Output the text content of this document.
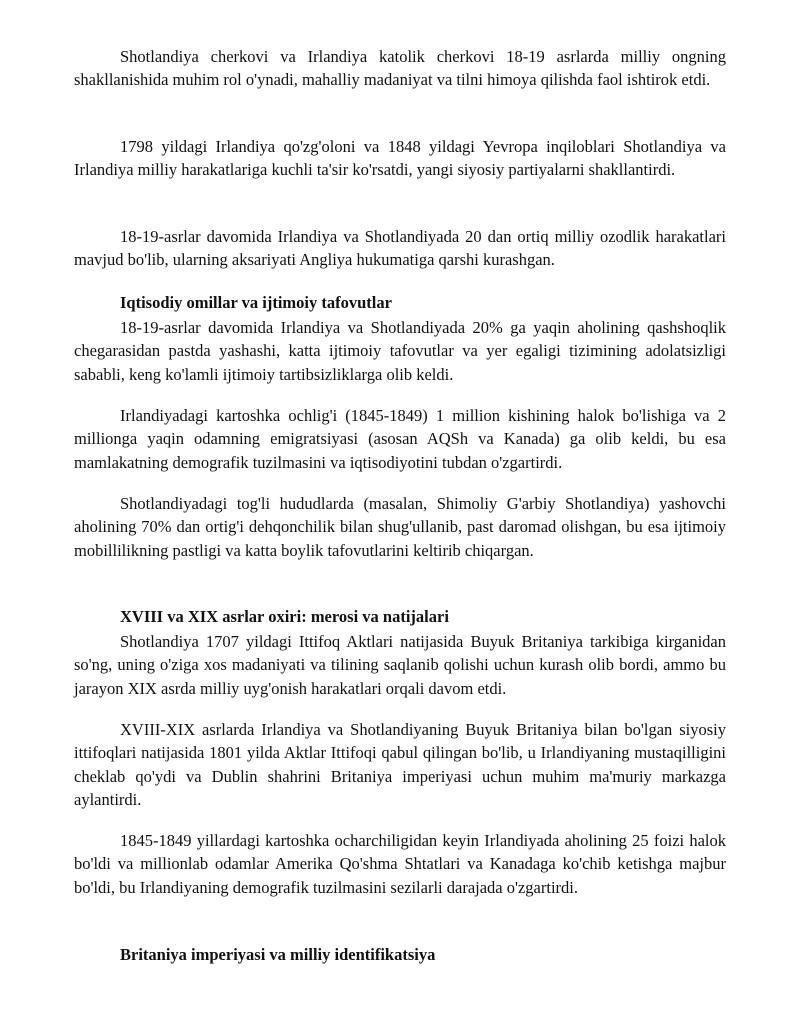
Shotlandiya cherkovi va Irlandiya katolik cherkovi 18-19 asrlarda milliy ongning shakllanishida muhim rol o'ynadi, mahalliy madaniyat va tilni himoya qilishda faol ishtirok etdi.

1798 yildagi Irlandiya qo'zg'oloni va 1848 yildagi Yevropa inqiloblari Shotlandiya va Irlandiya milliy harakatlariga kuchli ta'sir ko'rsatdi, yangi siyosiy partiyalarni shakllantirdi.

18-19-asrlar davomida Irlandiya va Shotlandiyada 20 dan ortiq milliy ozodlik harakatlari mavjud bo'lib, ularning aksariyati Angliya hukumatiga qarshi kurashgan.

Iqtisodiy omillar va ijtimoiy tafovutlar

18-19-asrlar davomida Irlandiya va Shotlandiyada 20% ga yaqin aholining qashshoqlik chegarasidan pastda yashashi, katta ijtimoiy tafovutlar va yer egaligi tizimining adolatsizligi sababli, keng ko'lamli ijtimoiy tartibsizliklarga olib keldi.

Irlandiyadagi kartoshka ochlig'i (1845-1849) 1 million kishining halok bo'lishiga va 2 millionga yaqin odamning emigratsiyasi (asosan AQSh va Kanada) ga olib keldi, bu esa mamlakatning demografik tuzilmasini va iqtisodiyotini tubdan o'zgartirdi.

Shotlandiyadagi tog'li hududlarda (masalan, Shimoliy G'arbiy Shotlandiya) yashovchi aholining 70% dan ortig'i dehqonchilik bilan shug'ullanib, past daromad olishgan, bu esa ijtimoiy mobillilikning pastligi va katta boylik tafovutlarini keltirib chiqargan.

XVIII va XIX asrlar oxiri: merosi va natijalari

Shotlandiya 1707 yildagi Ittifoq Aktlari natijasida Buyuk Britaniya tarkibiga kirganidan so'ng, uning o'ziga xos madaniyati va tilining saqlanib qolishi uchun kurash olib bordi, ammo bu jarayon XIX asrda milliy uyg'onish harakatlari orqali davom etdi.

XVIII-XIX asrlarda Irlandiya va Shotlandiyaning Buyuk Britaniya bilan bo'lgan siyosiy ittifoqlari natijasida 1801 yilda Aktlar Ittifoqi qabul qilingan bo'lib, u Irlandiyaning mustaqilligini cheklab qo'ydi va Dublin shahrini Britaniya imperiyasi uchun muhim ma'muriy markazga aylantirdi.

1845-1849 yillardagi kartoshka ocharchiligidan keyin Irlandiyada aholining 25 foizi halok bo'ldi va millionlab odamlar Amerika Qo'shma Shtatlari va Kanadaga ko'chib ketishga majbur bo'ldi, bu Irlandiyaning demografik tuzilmasini sezilarli darajada o'zgartirdi.

Britaniya imperiyasi va milliy identifikatsiya
